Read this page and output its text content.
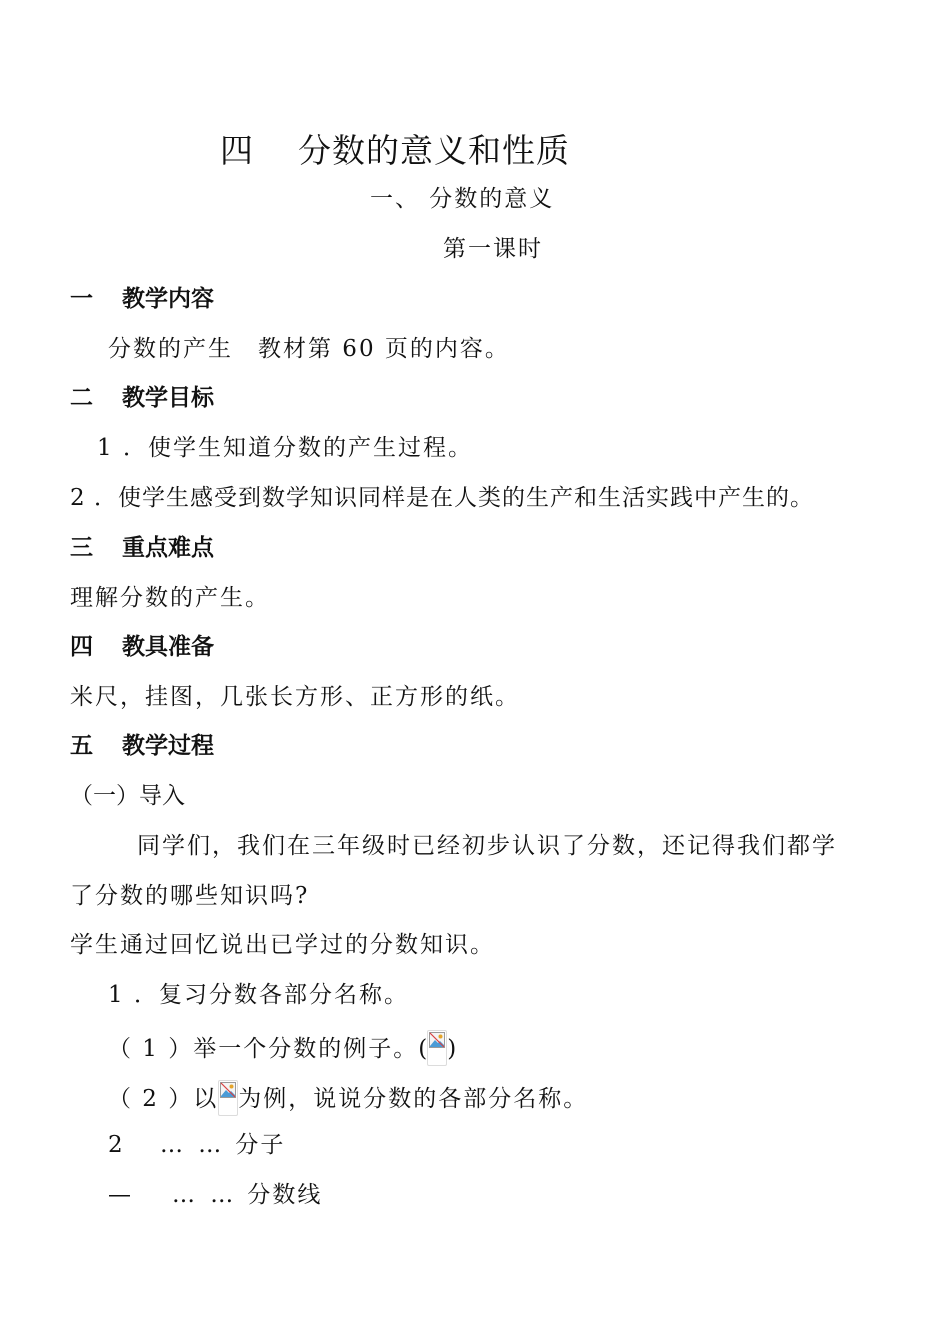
四 分数的意义和性质
一、 分数的意义
第一课时
一 教学内容
分数的产生　教材第 60 页的内容。
二 教学目标
1 ．使学生知道分数的产生过程。
2 ．使学生感受到数学知识同样是在人类的生产和生活实践中产生的。
三 重点难点
理解分数的产生。
四 教具准备
米尺，挂图，几张长方形、正方形的纸。
五 教学过程
（一）导入
同学们，我们在三年级时已经初步认识了分数，还记得我们都学
了分数的哪些知识吗?
学生通过回忆说出已学过的分数知识。
1 ．复习分数各部分名称。
（ 1 ）举一个分数的例子。( )
（ 2 ）以 为例，说说分数的各部分名称。
2 … … 分子
— … … 分数线
